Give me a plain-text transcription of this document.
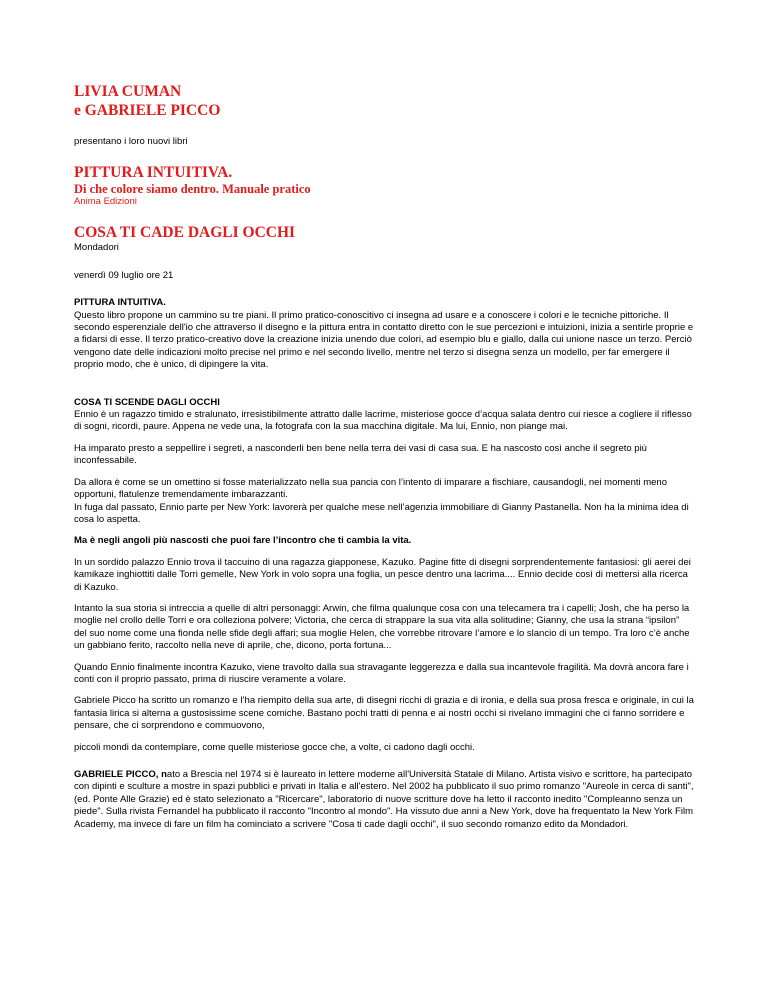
LIVIA CUMAN

e GABRIELE PICCO

presentano i loro nuovi libri

PITTURA INTUITIVA.

Di che colore siamo dentro. Manuale pratico

Anima Edizioni

COSA TI CADE DAGLI OCCHI

Mondadori

venerdì 09 luglio ore 21

PITTURA INTUITIVA.

Questo libro propone un cammino su tre piani. Il primo pratico-conoscitivo ci insegna ad usare e a conoscere i colori e le tecniche pittoriche. Il secondo esperenziale dell'io che attraverso il disegno e la pittura entra in contatto diretto con le sue percezioni e intuizioni, inizia a sentirle proprie e a fidarsi di esse. Il terzo pratico-creativo dove la creazione inizia unendo due colori, ad esempio blu e giallo, dalla cui unione nasce un terzo. Perciò vengono date delle indicazioni molto precise nel primo e nel secondo livello, mentre nel terzo si disegna senza un modello, per far emergere il proprio modo, che è unico, di dipingere la vita.

COSA TI SCENDE DAGLI OCCHI

Ennio è un ragazzo timido e stralunato, irresistibilmente attratto dalle lacrime, misteriose gocce d’acqua salata dentro cui riesce a cogliere il riflesso di sogni, ricordi, paure. Appena ne vede una, la fotografa con la sua macchina digitale. Ma lui, Ennio, non piange mai.

Ha imparato presto a seppellire i segreti, a nasconderli ben bene nella terra dei vasi di casa sua. E ha nascosto così anche il segreto più inconfessabile.

Da allora è come se un omettino si fosse materializzato nella sua pancia con l’intento di imparare a fischiare, causandogli, nei momenti meno opportuni, flatulenze tremendamente imbarazzanti.

In fuga dal passato, Ennio parte per New York: lavorerà per qualche mese nell’agenzia immobiliare di Gianny Pastanella. Non ha la minima idea di cosa lo aspetta.

Ma è negli angoli più nascosti che puoi fare l’incontro che ti cambia la vita.

In un sordido palazzo Ennio trova il taccuino di una ragazza giapponese, Kazuko. Pagine fitte di disegni sorprendentemente fantasiosi: gli aerei dei kamikaze inghiottiti dalle Torri gemelle, New York in volo sopra una foglia, un pesce dentro una lacrima.... Ennio decide così di mettersi alla ricerca di Kazuko.

Intanto la sua storia si intreccia a quelle di altri personaggi: Arwin, che filma qualunque cosa con una telecamera tra i capelli; Josh, che ha perso la moglie nel crollo delle Torri e ora colleziona polvere; Victoria, che cerca di strappare la sua vita alla solitudine; Gianny, che usa la strana “ipsilon” del suo nome come una fionda nelle sfide degli affari; sua moglie Helen, che vorrebbe ritrovare l’amore e lo slancio di un tempo. Tra loro c’è anche un gabbiano ferito, raccolto nella neve di aprile, che, dicono, porta fortuna...

Quando Ennio finalmente incontra Kazuko, viene travolto dalla sua stravagante leggerezza e dalla sua incantevole fragilità. Ma dovrà ancora fare i conti con il proprio passato, prima di riuscire veramente a volare.

Gabriele Picco ha scritto un romanzo e l’ha riempito della sua arte, di disegni ricchi di grazia e di ironia, e della sua prosa fresca e originale, in cui la fantasia lirica si alterna a gustosissime scene comiche. Bastano pochi tratti di penna e ai nostri occhi si rivelano immagini che ci fanno sorridere e pensare, che ci sorprendono e commuovono,

piccoli mondi da contemplare, come quelle misteriose gocce che, a volte, ci cadono dagli occhi.

GABRIELE PICCO, nato a Brescia nel 1974 si è laureato in lettere moderne all'Università Statale di Milano. Artista visivo e scrittore, ha partecipato con dipinti e sculture a mostre in spazi pubblici e privati in Italia e all'estero. Nel 2002 ha pubblicato il suo primo romanzo "Aureole in cerca di santi", (ed. Ponte Alle Grazie) ed è stato selezionato a "Ricercare", laboratorio di nuove scritture dove ha letto il racconto inedito "Compleanno senza un piede". Sulla rivista Fernandel ha pubblicato il racconto "Incontro al mondo". Ha vissuto due anni a New York, dove ha frequentato la New York Film Academy, ma invece di fare un film ha cominciato a scrivere "Cosa ti cade dagli occhi", il suo secondo romanzo edito da Mondadori.
